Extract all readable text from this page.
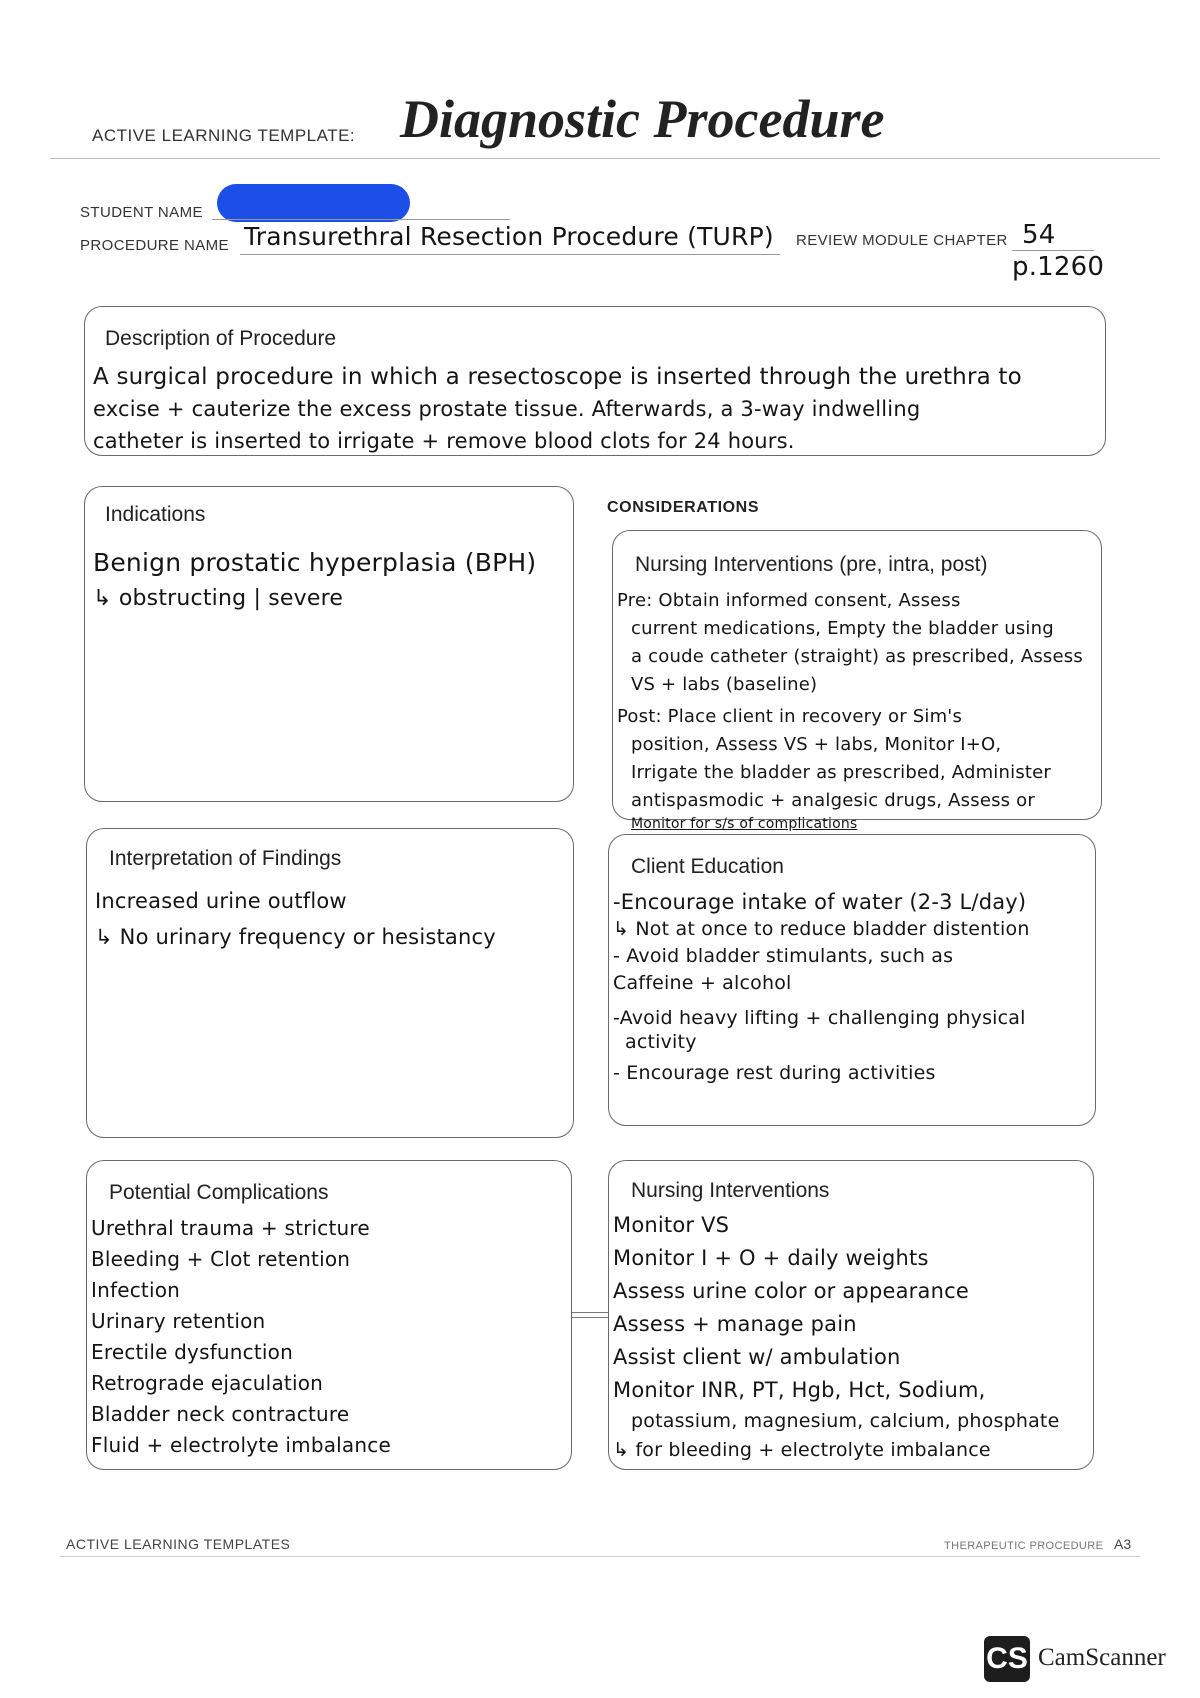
ACTIVE LEARNING TEMPLATE: Diagnostic Procedure
STUDENT NAME
PROCEDURE NAME Transurethral Resection Procedure (TURP) REVIEW MODULE CHAPTER 54
p.1260
Description of Procedure
A surgical procedure in which a resectoscope is inserted through the urethra to
excise + cauterize the excess prostate tissue. Afterwards, a 3-way indwelling
catheter is inserted to irrigate + remove blood clots for 24 hours.
CONSIDERATIONS
Indications
Benign prostatic hyperplasia (BPH)
↳ obstructing | severe
Nursing Interventions (pre, intra, post)
Pre: Obtain informed consent, Assess
current medications, Empty the bladder using
a coude catheter (straight) as prescribed, Assess
VS + labs (baseline)
Post: Place client in recovery or Sim's
position, Assess VS + labs, Monitor I+O,
Irrigate the bladder as prescribed, Administer
antispasmodic + analgesic drugs, Assess or
Monitor for s/s of complications
Interpretation of Findings
Increased urine outflow
↳ No urinary frequency or hesistancy
Client Education
-Encourage intake of water (2-3 L/day)
↳ Not at once to reduce bladder distention
- Avoid bladder stimulants, such as
Caffeine + alcohol
-Avoid heavy lifting + challenging physical
activity
- Encourage rest during activities
Potential Complications
Urethral trauma + stricture
Bleeding + Clot retention
Infection
Urinary retention
Erectile dysfunction
Retrograde ejaculation
Bladder neck contracture
Fluid + electrolyte imbalance
Nursing Interventions
Monitor VS
Monitor I + O + daily weights
Assess urine color or appearance
Assess + manage pain
Assist client w/ ambulation
Monitor INR, PT, Hgb, Hct, Sodium,
potassium, magnesium, calcium, phosphate
↳ for bleeding + electrolyte imbalance
ACTIVE LEARNING TEMPLATES	THERAPEUTIC PROCEDURE A3
CS CamScanner
